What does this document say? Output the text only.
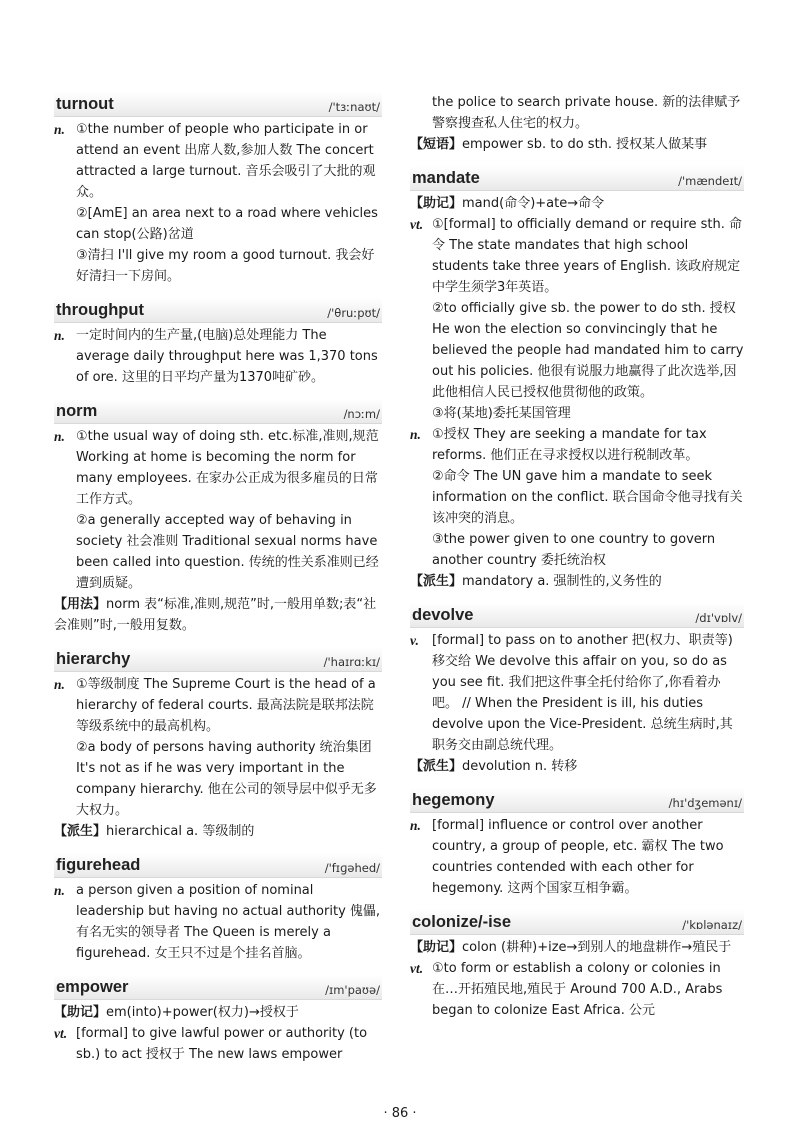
turnout	/'tɜːnaʊt/
n. ①the number of people who participate in or attend an event 出席人数,参加人数 The concert attracted a large turnout. 音乐会吸引了大批的观众。
②[AmE] an area next to a road where vehicles can stop(公路)岔道
③清扫 I'll give my room a good turnout. 我会好好清扫一下房间。
throughput	/'θruːpʊt/
n. 一定时间内的生产量,(电脑)总处理能力 The average daily throughput here was 1,370 tons of ore. 这里的日平均产量为1370吨矿砂。
norm	/nɔːm/
n. ①the usual way of doing sth. etc.标准,准则,规范 Working at home is becoming the norm for many employees. 在家办公正成为很多雇员的日常工作方式。
②a generally accepted way of behaving in society 社会准则 Traditional sexual norms have been called into question. 传统的性关系准则已经遭到质疑。
【用法】norm 表“标准,准则,规范”时,一般用单数;表“社会准则”时,一般用复数。
hierarchy	/'haɪrɑːkɪ/
n. ①等级制度 The Supreme Court is the head of a hierarchy of federal courts. 最高法院是联邦法院等级系统中的最高机构。
②a body of persons having authority 统治集团 It's not as if he was very important in the company hierarchy. 他在公司的领导层中似乎无多大权力。
【派生】hierarchical a. 等级制的
figurehead	/'fɪɡəhed/
n. a person given a position of nominal leadership but having no actual authority 傀儡,有名无实的领导者 The Queen is merely a figurehead. 女王只不过是个挂名首脑。
empower	/ɪm'paʊə/
【助记】em(into)+power(权力)→授权于
vt. [formal] to give lawful power or authority (to sb.) to act 授权于 The new laws empower
the police to search private house. 新的法律赋予警察搜查私人住宅的权力。
【短语】empower sb. to do sth. 授权某人做某事
mandate	/'mændeɪt/
【助记】mand(命令)+ate→命令
vt. ①[formal] to officially demand or require sth. 命令 The state mandates that high school students take three years of English. 该政府规定中学生须学3年英语。
②to officially give sb. the power to do sth. 授权 He won the election so convincingly that he believed the people had mandated him to carry out his policies. 他很有说服力地赢得了此次选举,因此他相信人民已授权他贯彻他的政策。
③将(某地)委托某国管理
n. ①授权 They are seeking a mandate for tax reforms. 他们正在寻求授权以进行税制改革。
②命令 The UN gave him a mandate to seek information on the conflict. 联合国命令他寻找有关该冲突的消息。
③the power given to one country to govern another country 委托统治权
【派生】mandatory a. 强制性的,义务性的
devolve	/dɪ'vɒlv/
v.	[formal] to pass on to another 把(权力、职责等)移交给 We devolve this affair on you, so do as you see fit. 我们把这件事全托付给你了,你看着办吧。 // When the President is ill, his duties devolve upon the Vice-President. 总统生病时,其职务交由副总统代理。
【派生】devolution n. 转移
hegemony	/hɪ'dʒemənɪ/
n. [formal] influence or control over another country, a group of people, etc. 霸权 The two countries contended with each other for hegemony. 这两个国家互相争霸。
colonize/-ise	/'kɒlənaɪz/
【助记】colon (耕种)+ize→到别人的地盘耕作→殖民于
vt. ①to form or establish a colony or colonies in 在…开拓殖民地,殖民于 Around 700 A.D., Arabs began to colonize East Africa. 公元
· 86 ·
